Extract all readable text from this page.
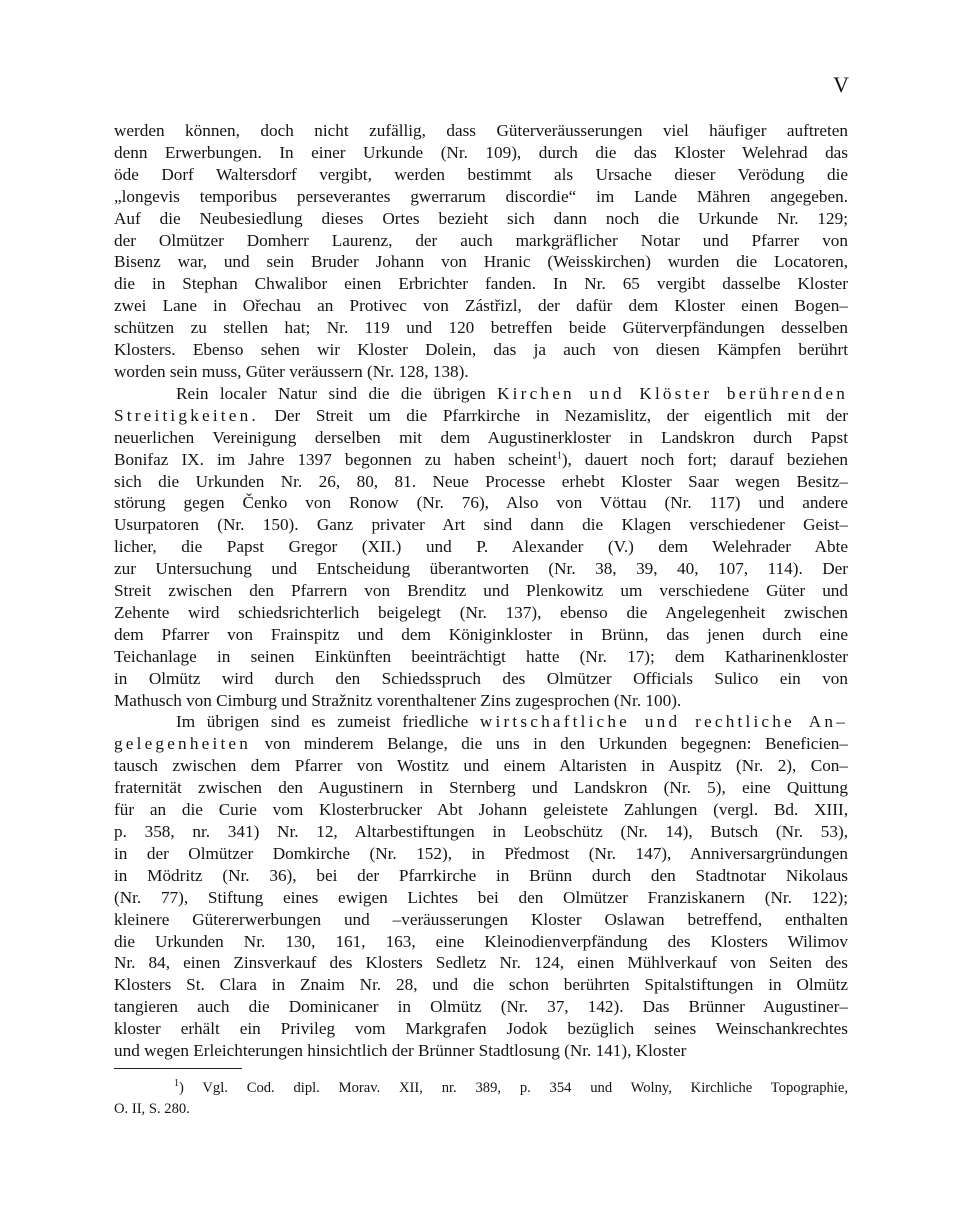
V
werden können, doch nicht zufällig, dass Güterveräusserungen viel häufiger auftreten
denn Erwerbungen. In einer Urkunde (Nr. 109), durch die das Kloster Welehrad das
öde Dorf Waltersdorf vergibt, werden bestimmt als Ursache dieser Verödung die
„longevis temporibus perseverantes gwerrarum discordie“ im Lande Mähren angegeben.
Auf die Neubesiedlung dieses Ortes bezieht sich dann noch die Urkunde Nr. 129;
der Olmützer Domherr Laurenz, der auch markgräflicher Notar und Pfarrer von
Bisenz war, und sein Bruder Johann von Hranic (Weisskirchen) wurden die Locatoren,
die in Stephan Chwalibor einen Erbrichter fanden. In Nr. 65 vergibt dasselbe Kloster
zwei Lane in Ořechau an Protivec von Zástřizl, der dafür dem Kloster einen Bogen–
schützen zu stellen hat; Nr. 119 und 120 betreffen beide Güterverpfändungen desselben
Klosters. Ebenso sehen wir Kloster Dolein, das ja auch von diesen Kämpfen berührt
worden sein muss, Güter veräussern (Nr. 128, 138).
Rein localer Natur sind die die übrigen Kirchen und Klöster berührenden
Streitigkeiten. Der Streit um die Pfarrkirche in Nezamislitz, der eigentlich mit der
neuerlichen Vereinigung derselben mit dem Augustinerkloster in Landskron durch Papst
Bonifaz IX. im Jahre 1397 begonnen zu haben scheint$^1$), dauert noch fort; darauf beziehen
sich die Urkunden Nr. 26, 80, 81. Neue Processe erhebt Kloster Saar wegen Besitz–
störung gegen Čenko von Ronow (Nr. 76), Also von Vöttau (Nr. 117) und andere
Usurpatoren (Nr. 150). Ganz privater Art sind dann die Klagen verschiedener Geist–
licher, die Papst Gregor (XII.) und P. Alexander (V.) dem Welehrader Abte
zur Untersuchung und Entscheidung überantworten (Nr. 38, 39, 40, 107, 114). Der
Streit zwischen den Pfarrern von Brenditz und Plenkowitz um verschiedene Güter und
Zehente wird schiedsrichterlich beigelegt (Nr. 137), ebenso die Angelegenheit zwischen
dem Pfarrer von Frainspitz und dem Königinkloster in Brünn, das jenen durch eine
Teichanlage in seinen Einkünften beeinträchtigt hatte (Nr. 17); dem Katharinenkloster
in Olmütz wird durch den Schiedsspruch des Olmützer Officials Sulico ein von
Mathusch von Cimburg und Stražnitz vorenthaltener Zins zugesprochen (Nr. 100).
Im übrigen sind es zumeist friedliche wirtschaftliche und rechtliche An–
gelegenheiten von minderem Belange, die uns in den Urkunden begegnen: Beneficien–
tausch zwischen dem Pfarrer von Wostitz und einem Altaristen in Auspitz (Nr. 2), Con–
fraternität zwischen den Augustinern in Sternberg und Landskron (Nr. 5), eine Quittung
für an die Curie vom Klosterbrucker Abt Johann geleistete Zahlungen (vergl. Bd. XIII,
p. 358, nr. 341) Nr. 12, Altarbestiftungen in Leobschütz (Nr. 14), Butsch (Nr. 53),
in der Olmützer Domkirche (Nr. 152), in Předmost (Nr. 147), Anniversargründungen
in Mödritz (Nr. 36), bei der Pfarrkirche in Brünn durch den Stadtnotar Nikolaus
(Nr. 77), Stiftung eines ewigen Lichtes bei den Olmützer Franziskanern (Nr. 122);
kleinere Gütererwerbungen und –veräusserungen Kloster Oslawan betreffend, enthalten
die Urkunden Nr. 130, 161, 163, eine Kleinodienverpfändung des Klosters Wilimov
Nr. 84, einen Zinsverkauf des Klosters Sedletz Nr. 124, einen Mühlverkauf von Seiten des
Klosters St. Clara in Znaim Nr. 28, und die schon berührten Spitalstiftungen in Olmütz
tangieren auch die Dominicaner in Olmütz (Nr. 37, 142). Das Brünner Augustiner–
kloster erhält ein Privileg vom Markgrafen Jodok bezüglich seines Weinschankrechtes
und wegen Erleichterungen hinsichtlich der Brünner Stadtlosung (Nr. 141), Kloster
$^1$) Vgl. Cod. dipl. Morav. XII, nr. 389, p. 354 und Wolny, Kirchliche Topographie,
O. II, S. 280.
